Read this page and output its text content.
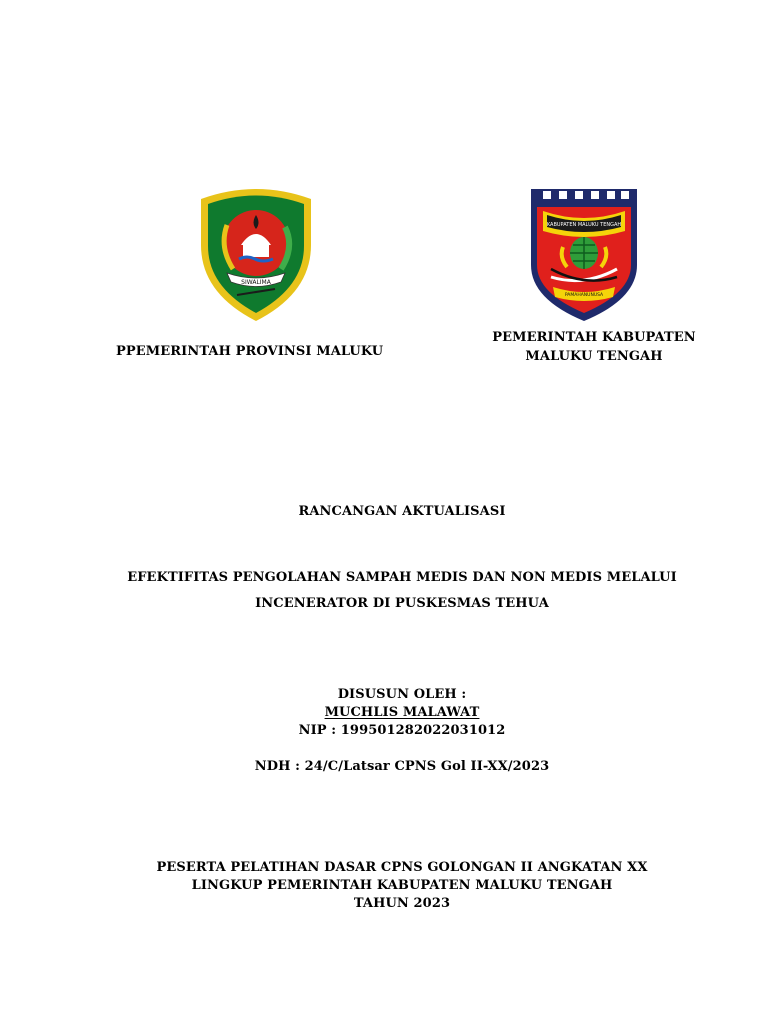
SIWALIMA
KABUPATEN MALUKU TENGAH
PAMAHANUNUSA
PPEMERINTAH PROVINSI MALUKU
PEMERINTAH KABUPATEN
MALUKU TENGAH
RANCANGAN AKTUALISASI
EFEKTIFITAS PENGOLAHAN SAMPAH MEDIS DAN NON MEDIS MELALUI
INCENERATOR DI PUSKESMAS TEHUA
DISUSUN OLEH :
MUCHLIS MALAWAT
NIP : 199501282022031012
NDH : 24/C/Latsar CPNS Gol II-XX/2023
PESERTA PELATIHAN DASAR CPNS GOLONGAN II ANGKATAN XX
LINGKUP PEMERINTAH KABUPATEN MALUKU TENGAH
TAHUN 2023
